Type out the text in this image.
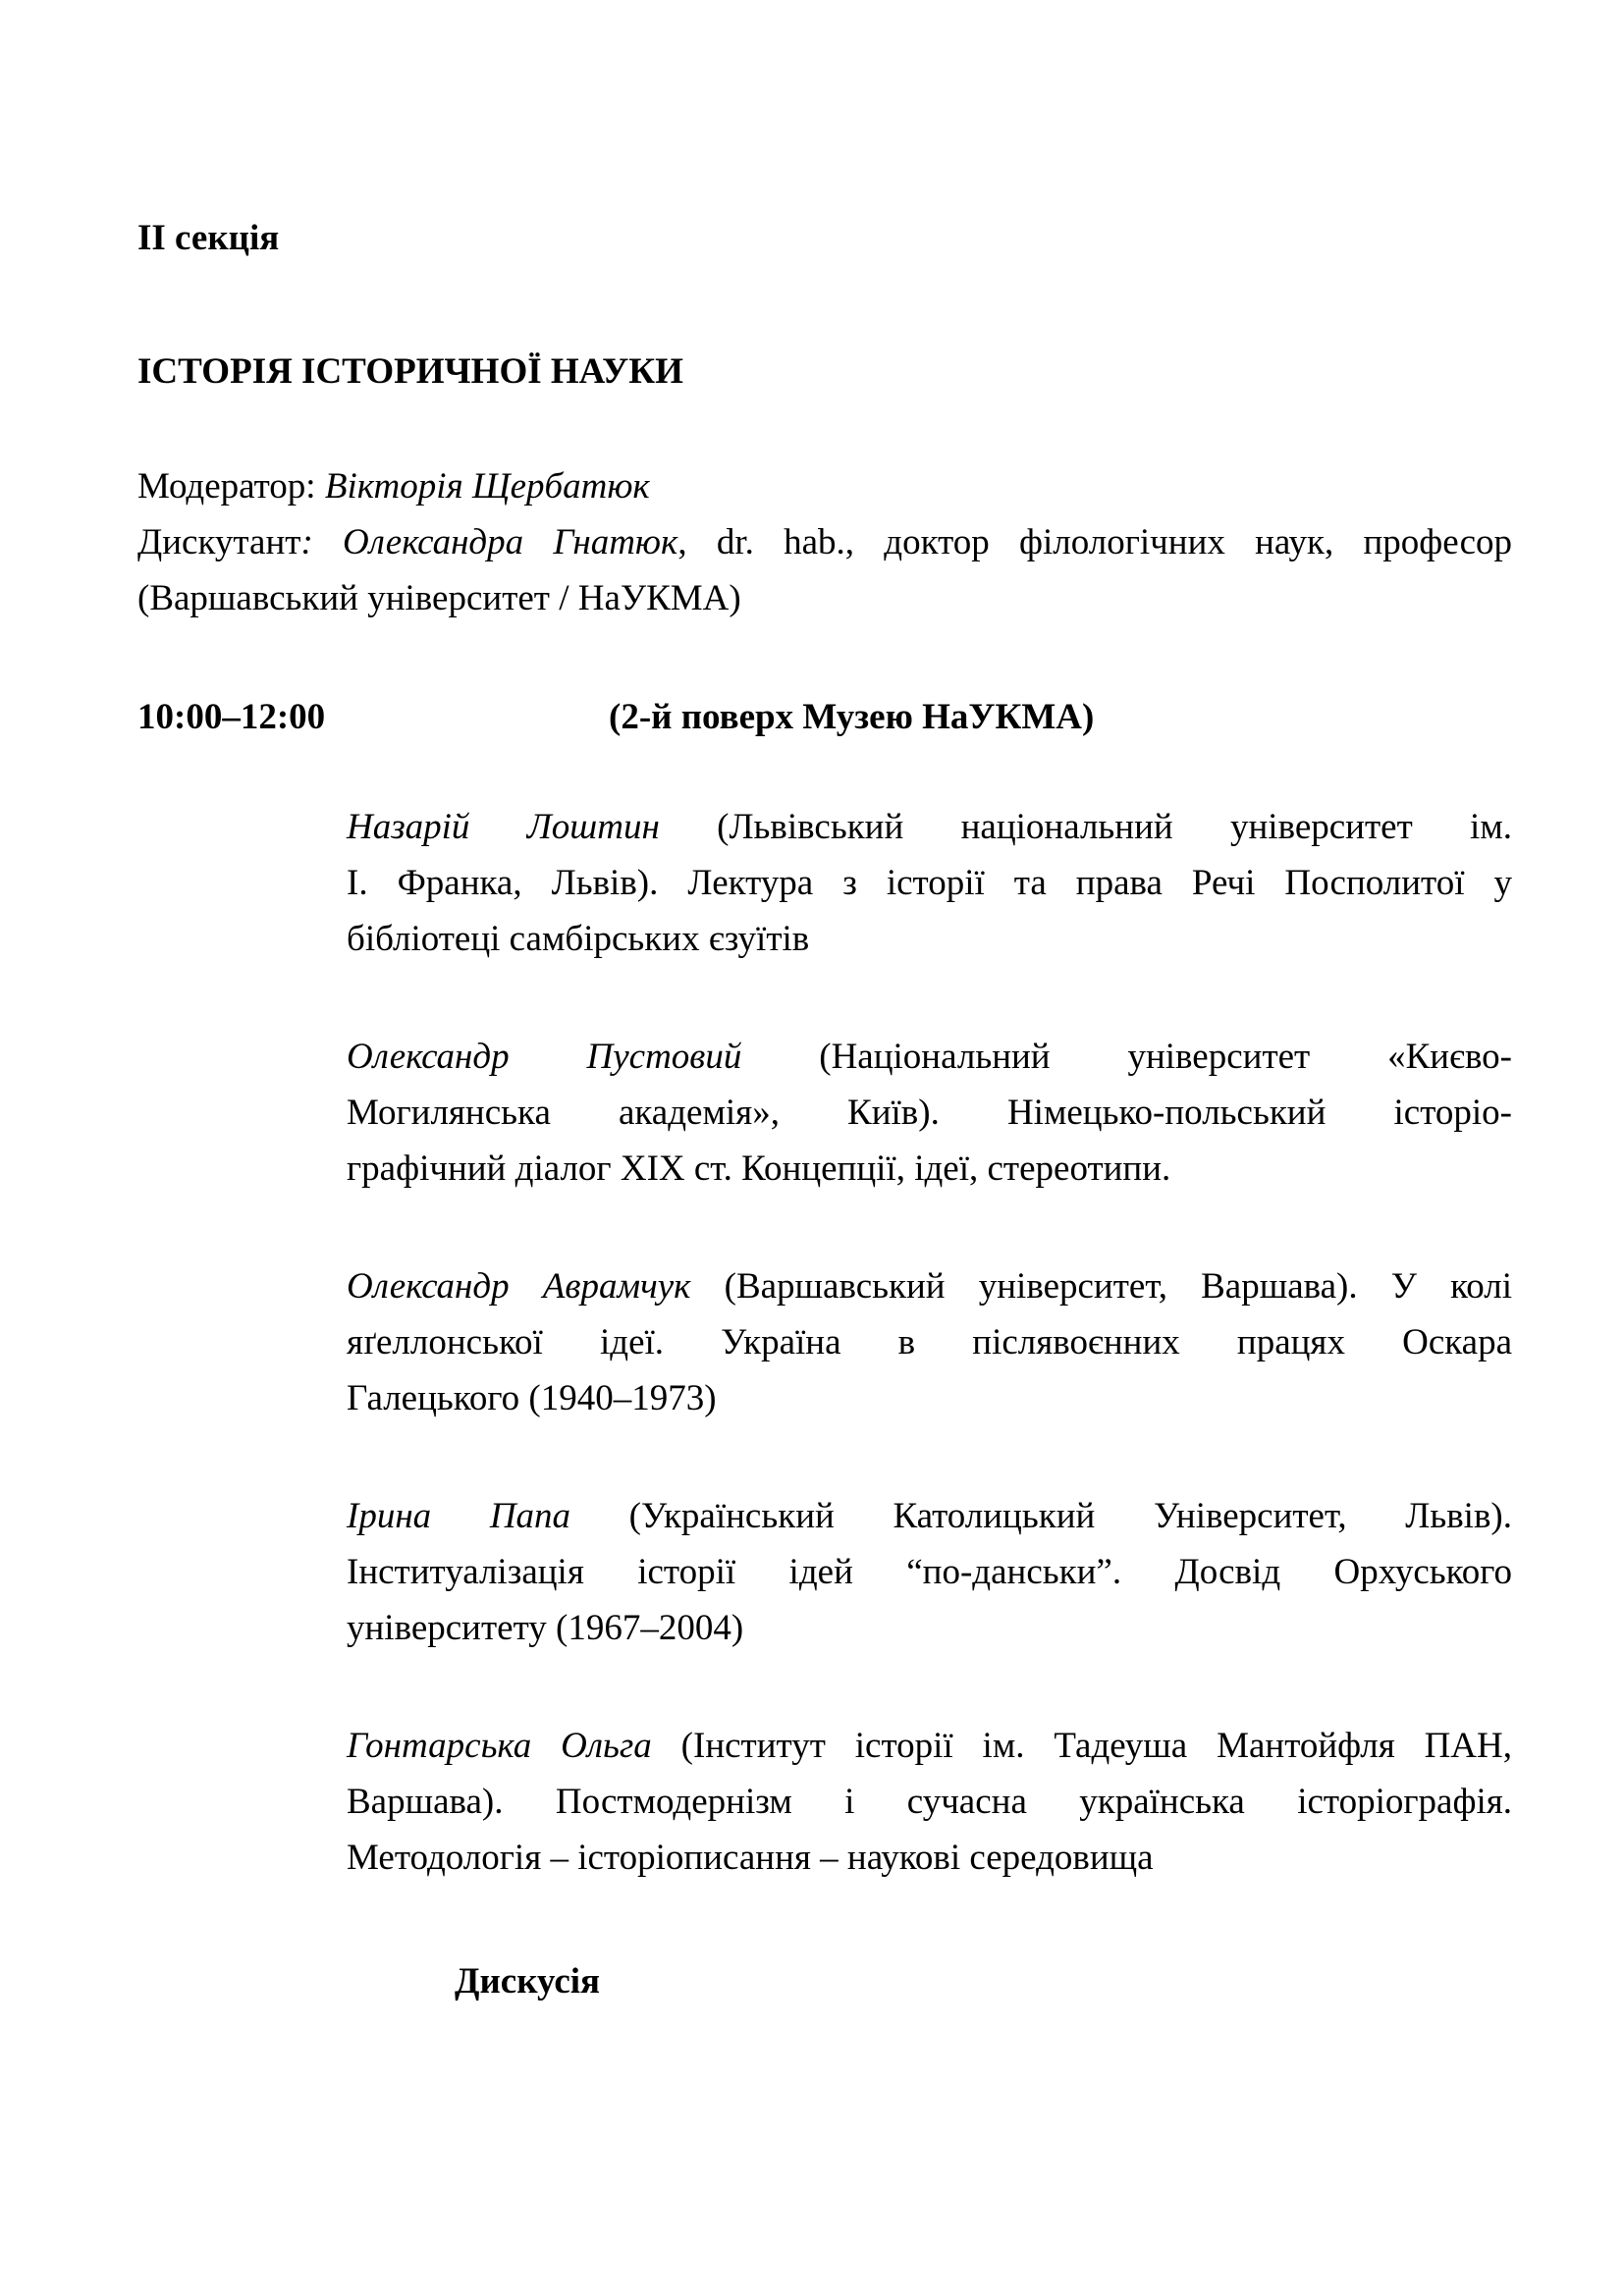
II секція
ІСТОРІЯ ІСТОРИЧНОЇ НАУКИ
Модератор: Вікторія Щербатюк
Дискутант: Олександра Гнатюк, dr. hab., доктор філологічних наук, професор
(Варшавський університет / НаУКМА)
10:00–12:00	(2-й поверх Музею НаУКМА)
Назарій Лоштин (Львівський національний університет ім.
І. Франка, Львів). Лектура з історії та права Речі Посполитої у
бібліотеці самбірських єзуїтів
Олександр Пустовий (Національний університет «Києво-
Могилянська академія», Київ). Німецько-польський історіо-
графічний діалог XIX ст. Концепції, ідеї, стереотипи.
Олександр Аврамчук (Варшавський університет, Варшава). У колі
яґеллонської ідеї. Україна в післявоєнних працях Оскара
Галецького (1940–1973)
Ірина Папа (Український Католицький Університет, Львів).
Інституалізація історії ідей “по-данськи”. Досвід Орхуського
університету (1967–2004)
Гонтарська Ольга (Інститут історії ім. Тадеуша Мантойфля ПАН,
Варшава). Постмодернізм і сучасна українська історіографія.
Методологія – історіописання – наукові середовища
Дискусія
